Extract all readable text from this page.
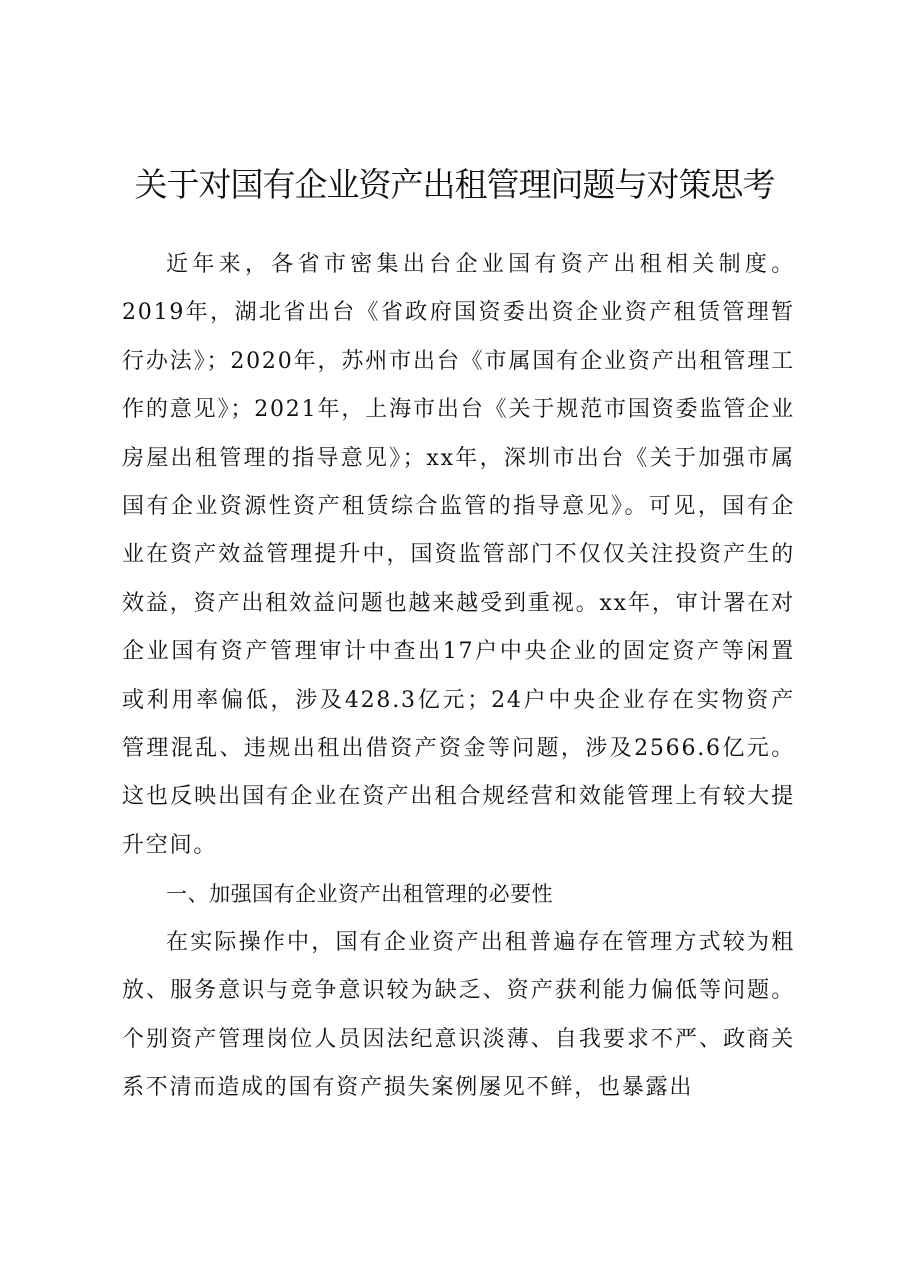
关于对国有企业资产出租管理问题与对策思考

近年来，各省市密集出台企业国有资产出租相关制度。2019年，湖北省出台《省政府国资委出资企业资产租赁管理暂行办法》；2020年，苏州市出台《市属国有企业资产出租管理工作的意见》；2021年，上海市出台《关于规范市国资委监管企业房屋出租管理的指导意见》；xx年，深圳市出台《关于加强市属国有企业资源性资产租赁综合监管的指导意见》。可见，国有企业在资产效益管理提升中，国资监管部门不仅仅关注投资产生的效益，资产出租效益问题也越来越受到重视。xx年，审计署在对企业国有资产管理审计中查出17户中央企业的固定资产等闲置或利用率偏低，涉及428.3亿元；24户中央企业存在实物资产管理混乱、违规出租出借资产资金等问题，涉及2566.6亿元。这也反映出国有企业在资产出租合规经营和效能管理上有较大提升空间。

一、加强国有企业资产出租管理的必要性

在实际操作中，国有企业资产出租普遍存在管理方式较为粗放、服务意识与竞争意识较为缺乏、资产获利能力偏低等问题。个别资产管理岗位人员因法纪意识淡薄、自我要求不严、政商关系不清而造成的国有资产损失案例屡见不鲜，也暴露出
